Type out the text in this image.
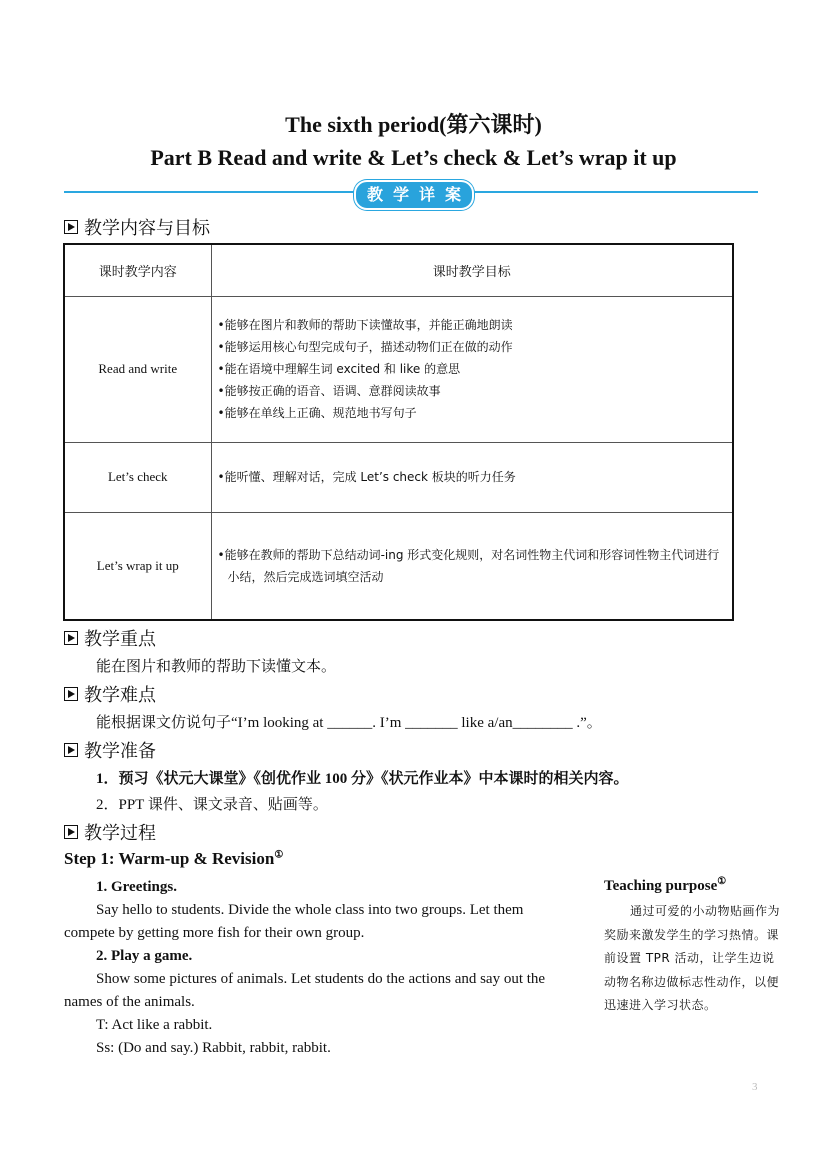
The sixth period(第六课时)
Part B Read and write & Let’s check & Let’s wrap it up
教 学 详 案
教学内容与目标
课时教学内容	课时教学目标
Read and write	•能够在图片和教师的帮助下读懂故事，并能正确地朗读
•能够运用核心句型完成句子，描述动物们正在做的动作
•能在语境中理解生词 excited 和 like 的意思
•能够按正确的语音、语调、意群阅读故事
•能够在单线上正确、规范地书写句子

Let’s check	•能听懂、理解对话，完成 Let’s check 板块的听力任务

Let’s wrap it up	•能够在教师的帮助下总结动词-ing 形式变化规则，对名词性物主代词和形容词性物主代词进行小结，然后完成选词填空活动
教学重点
能在图片和教师的帮助下读懂文本。
教学难点
能根据课文仿说句子“I’m looking at ______. I’m _______ like a/an________ .”。
教学准备
1．预习《状元大课堂》《创优作业 100 分》《状元作业本》中本课时的相关内容。
2．PPT 课件、课文录音、贴画等。
教学过程
Step 1: Warm-up & Revision①
1. Greetings.
Say hello to students. Divide the whole class into two groups. Let them compete by getting more fish for their own group.
2. Play a game.
Show some pictures of animals. Let students do the actions and say out the names of the animals.
T: Act like a rabbit.
Ss: (Do and say.) Rabbit, rabbit, rabbit.
Teaching purpose①
通过可爱的小动物贴画作为奖励来激发学生的学习热情。课前设置 TPR 活动，让学生边说动物名称边做标志性动作，以便迅速进入学习状态。
3
